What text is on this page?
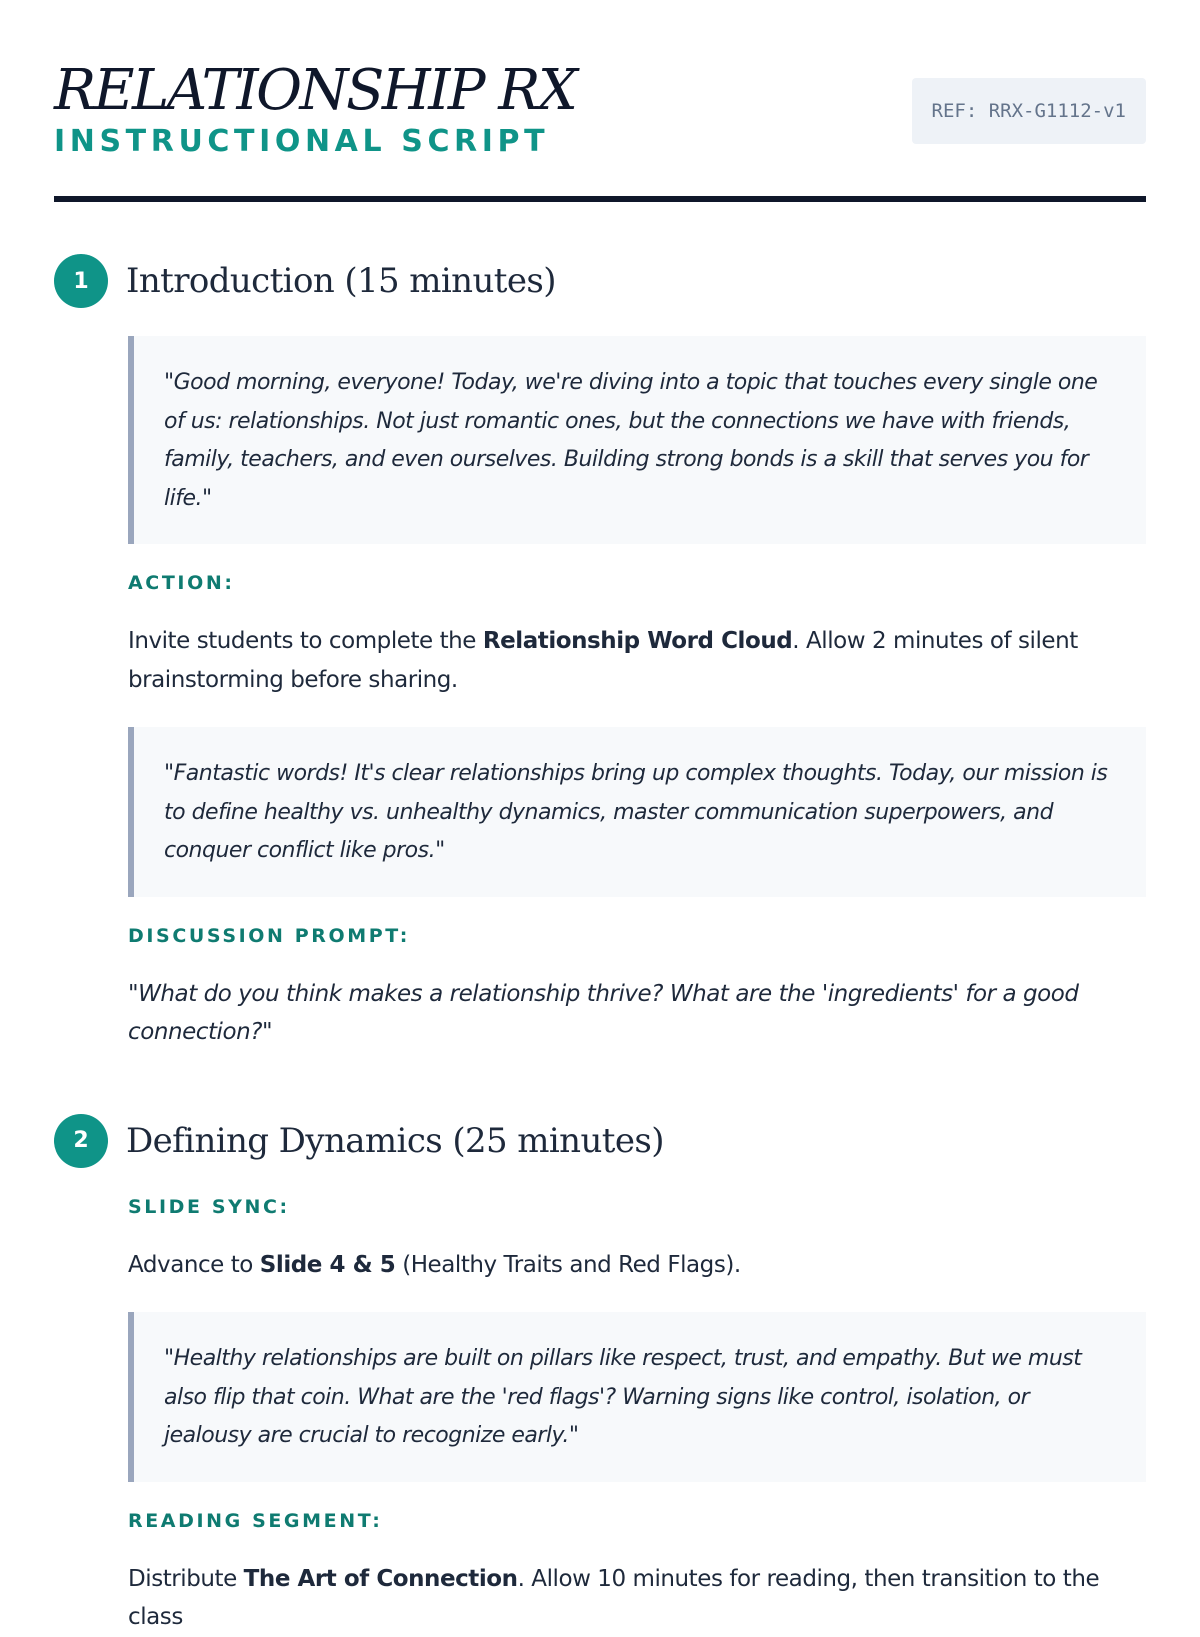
RELATIONSHIP RX
INSTRUCTIONAL SCRIPT
REF: RRX-G1112-v1
1	Introduction (15 minutes)
"Good morning, everyone! Today, we're diving into a topic that touches every single one of us: relationships. Not just romantic ones, but the connections we have with friends, family, teachers, and even ourselves. Building strong bonds is a skill that serves you for life."
ACTION:
Invite students to complete the Relationship Word Cloud. Allow 2 minutes of silent brainstorming before sharing.
"Fantastic words! It's clear relationships bring up complex thoughts. Today, our mission is to define healthy vs. unhealthy dynamics, master communication superpowers, and conquer conflict like pros."
DISCUSSION PROMPT:
"What do you think makes a relationship thrive? What are the 'ingredients' for a good connection?"
2	Defining Dynamics (25 minutes)
SLIDE SYNC:
Advance to Slide 4 & 5 (Healthy Traits and Red Flags).
"Healthy relationships are built on pillars like respect, trust, and empathy. But we must also flip that coin. What are the 'red flags'? Warning signs like control, isolation, or jealousy are crucial to recognize early."
READING SEGMENT:
Distribute The Art of Connection. Allow 10 minutes for reading, then transition to the class
